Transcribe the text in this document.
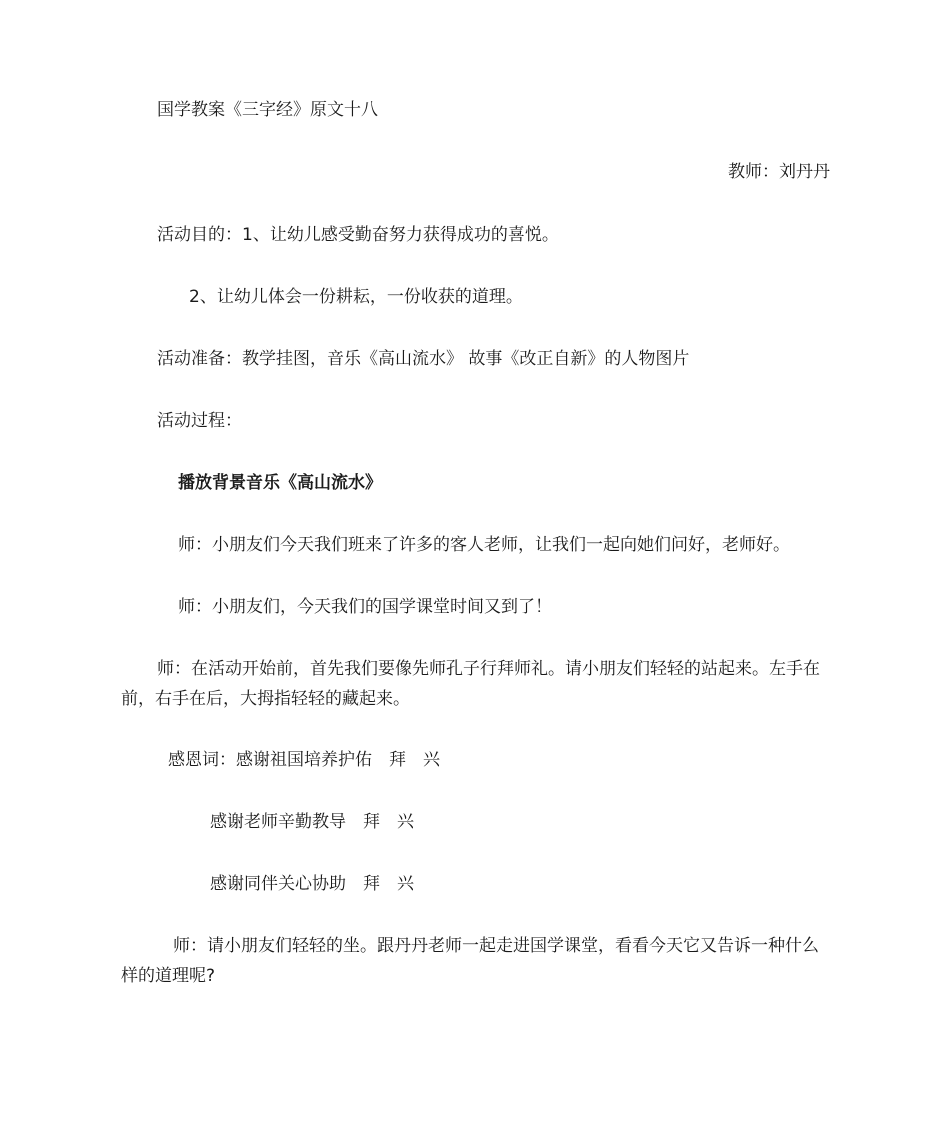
国学教案《三字经》原文十八
教师：刘丹丹
活动目的：1、让幼儿感受勤奋努力获得成功的喜悦。
2、让幼儿体会一份耕耘，一份收获的道理。
活动准备：教学挂图，音乐《高山流水》 故事《改正自新》的人物图片
活动过程：
播放背景音乐《高山流水》
师：小朋友们今天我们班来了许多的客人老师，让我们一起向她们问好，老师好。
师：小朋友们，今天我们的国学课堂时间又到了！
师：在活动开始前，首先我们要像先师孔子行拜师礼。请小朋友们轻轻的站起来。左手在前，右手在后，大拇指轻轻的藏起来。
感恩词：感谢祖国培养护佑　拜　兴
感谢老师辛勤教导　拜　兴
感谢同伴关心协助　拜　兴
师：请小朋友们轻轻的坐。跟丹丹老师一起走进国学课堂，看看今天它又告诉一种什么样的道理呢?
